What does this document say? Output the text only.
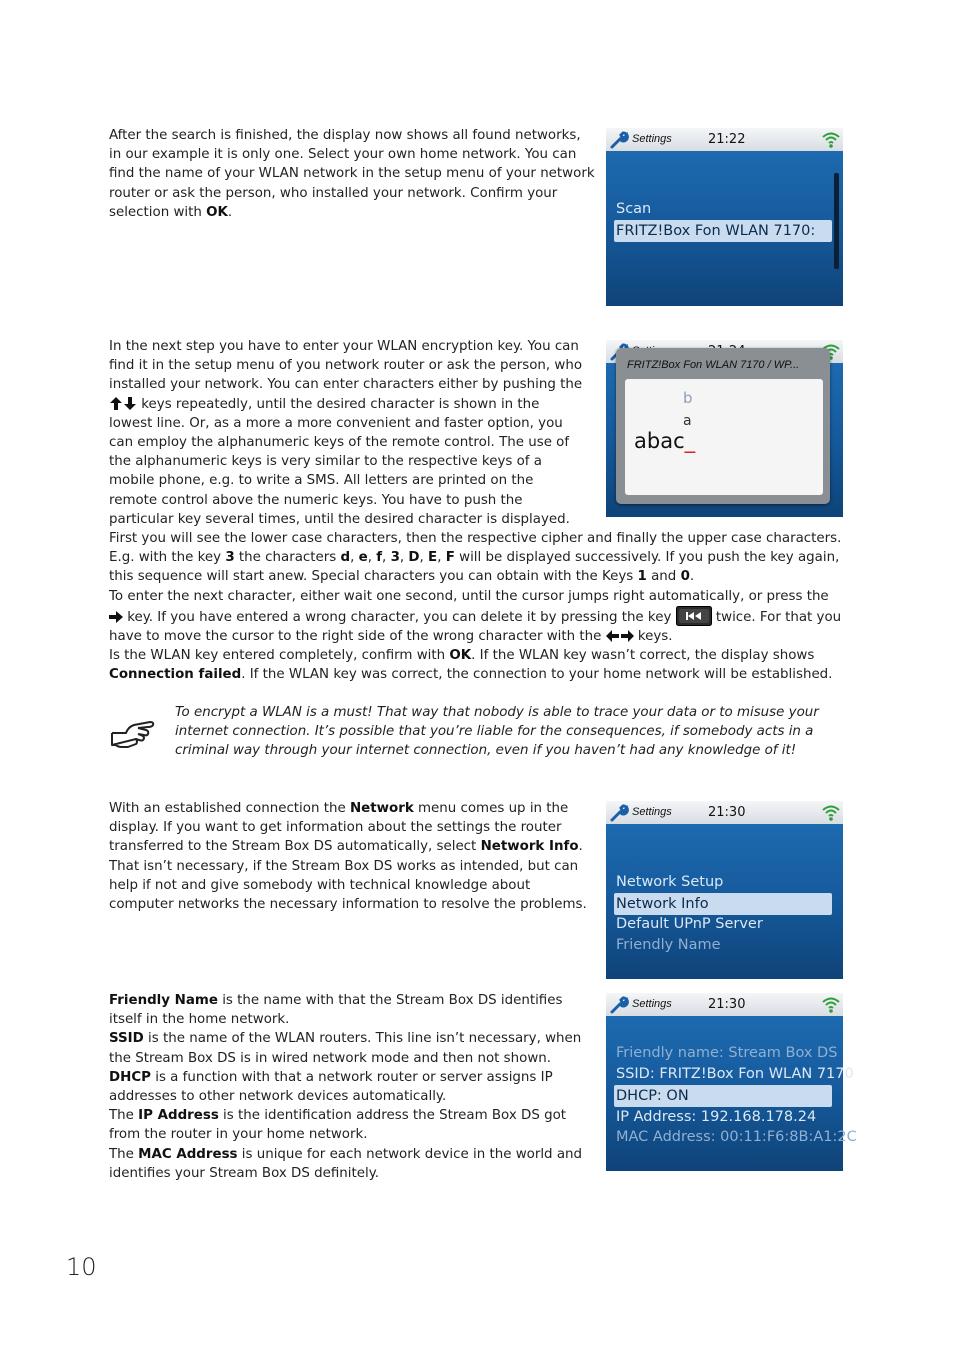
After the search is finished, the display now shows all found networks, in our example it is only one. Select your own home network. You can find the name of your WLAN network in the setup menu of your network router or ask the person, who installed your network. Confirm your selection with OK.

Settings	21:22
Scan
FRITZ!Box Fon WLAN 7170:

In the next step you have to enter your WLAN encryption key. You can find it in the setup menu of you network router or ask the person, who installed your network. You can enter characters either by pushing the  keys repeatedly, until the desired character is shown in the lowest line. Or, as a more a more convenient and faster option, you can employ the alphanumeric keys of the remote control. The use of the alphanumeric keys is very similar to the respective keys of a mobile phone, e.g. to write a SMS. All letters are printed on the remote control above the numeric keys. You have to push the particular key several times, until the desired character is displayed. First you will see the lower case characters, then the respective cipher and finally the upper case characters. E.g. with the key 3 the characters d, e, f, 3, D, E, F will be displayed successively. If you push the key again, this sequence will start anew. Special characters you can obtain with the Keys 1 and 0.
To enter the next character, either wait one second, until the cursor jumps right automatically, or press the  key. If you have entered a wrong character, you can delete it by pressing the key	twice. For that you have to move the cursor to the right side of the wrong character with the  keys.
Is the WLAN key entered completely, confirm with OK. If the WLAN key wasn’t correct, the display shows Connection failed. If the WLAN key was correct, the connection to your home network will be established.

FRITZ!Box Fon WLAN 7170 / WP...
b
a
abac_

To encrypt a WLAN is a must! That way that nobody is able to trace your data or to misuse your internet connection. It’s possible that you’re liable for the consequences, if somebody acts in a criminal way through your internet connection, even if you haven’t had any knowledge of it!

With an established connection the Network menu comes up in the display. If you want to get information about the settings the router transferred to the Stream Box DS automatically, select Network Info. That isn’t necessary, if the Stream Box DS works as intended, but can help if not and give somebody with technical knowledge about computer networks the necessary information to resolve the problems.

Settings	21:30
Network Setup
Network Info
Default UPnP Server
Friendly Name

Friendly Name is the name with that the Stream Box DS identifies itself in the home network.
SSID is the name of the WLAN routers. This line isn’t necessary, when the Stream Box DS is in wired network mode and then not shown.
DHCP is a function with that a network router or server assigns IP addresses to other network devices automatically.
The IP Address is the identification address the Stream Box DS got from the router in your home network.
The MAC Address is unique for each network device in the world and identifies your Stream Box DS definitely.

Settings	21:30
Friendly name: Stream Box DS
SSID: FRITZ!Box Fon WLAN 7170
DHCP: ON
IP Address: 192.168.178.24
MAC Address: 00:11:F6:8B:A1:2C
10
